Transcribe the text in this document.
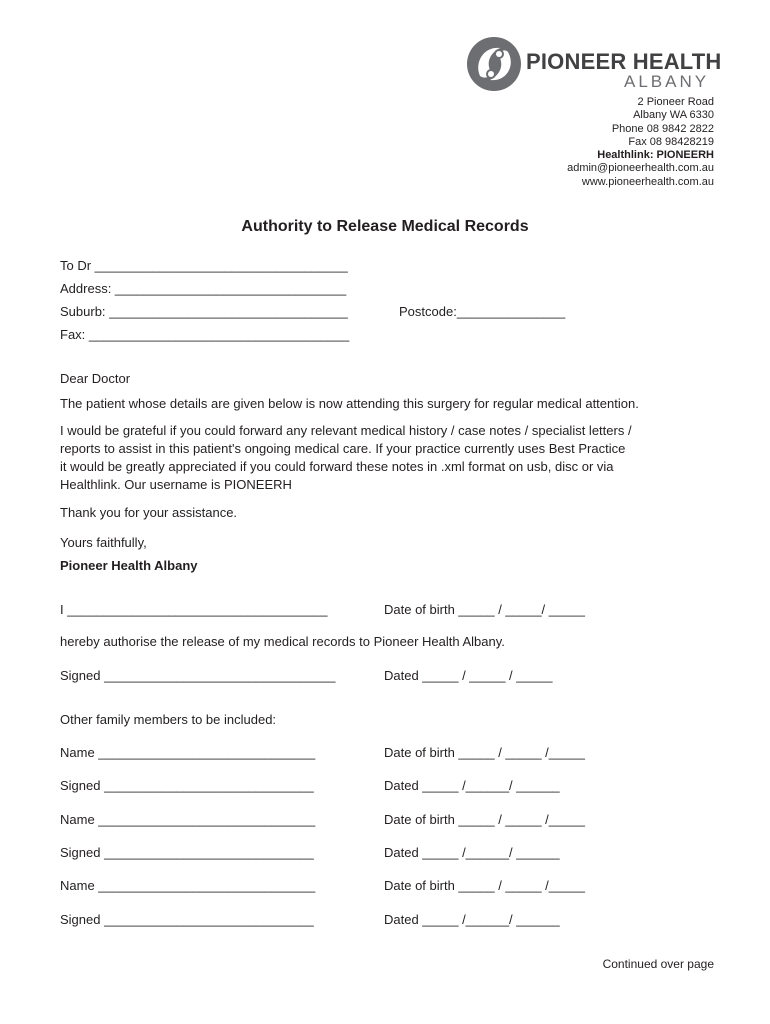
PIONEER HEALTH
ALBANY
2 Pioneer Road
Albany WA 6330
Phone 08 9842 2822
Fax 08 98428219
Healthlink: PIONEERH
admin@pioneerhealth.com.au
www.pioneerhealth.com.au
Authority to Release Medical Records
To Dr ___________________________________
Address: ________________________________
Suburb: _________________________________	Postcode:_______________
Fax: ____________________________________
Dear Doctor
The patient whose details are given below is now attending this surgery for regular medical attention.
I would be grateful if you could forward any relevant medical history / case notes / specialist letters /
reports to assist in this patient's ongoing medical care. If your practice currently uses Best Practice
it would be greatly appreciated if you could forward these notes in .xml format on usb, disc or via
Healthlink. Our username is PIONEERH
Thank you for your assistance.
Yours faithfully,
Pioneer Health Albany
I ____________________________________	Date of birth _____ / _____/ _____
hereby authorise the release of my medical records to Pioneer Health Albany.
Signed ________________________________	Dated _____ / _____ / _____
Other family members to be included:
Name ______________________________	Date of birth _____ / _____ /_____
Signed _____________________________	Dated _____ /______/ ______
Name ______________________________	Date of birth _____ / _____ /_____
Signed _____________________________	Dated _____ /______/ ______
Name ______________________________	Date of birth _____ / _____ /_____
Signed _____________________________	Dated _____ /______/ ______
Continued over page
